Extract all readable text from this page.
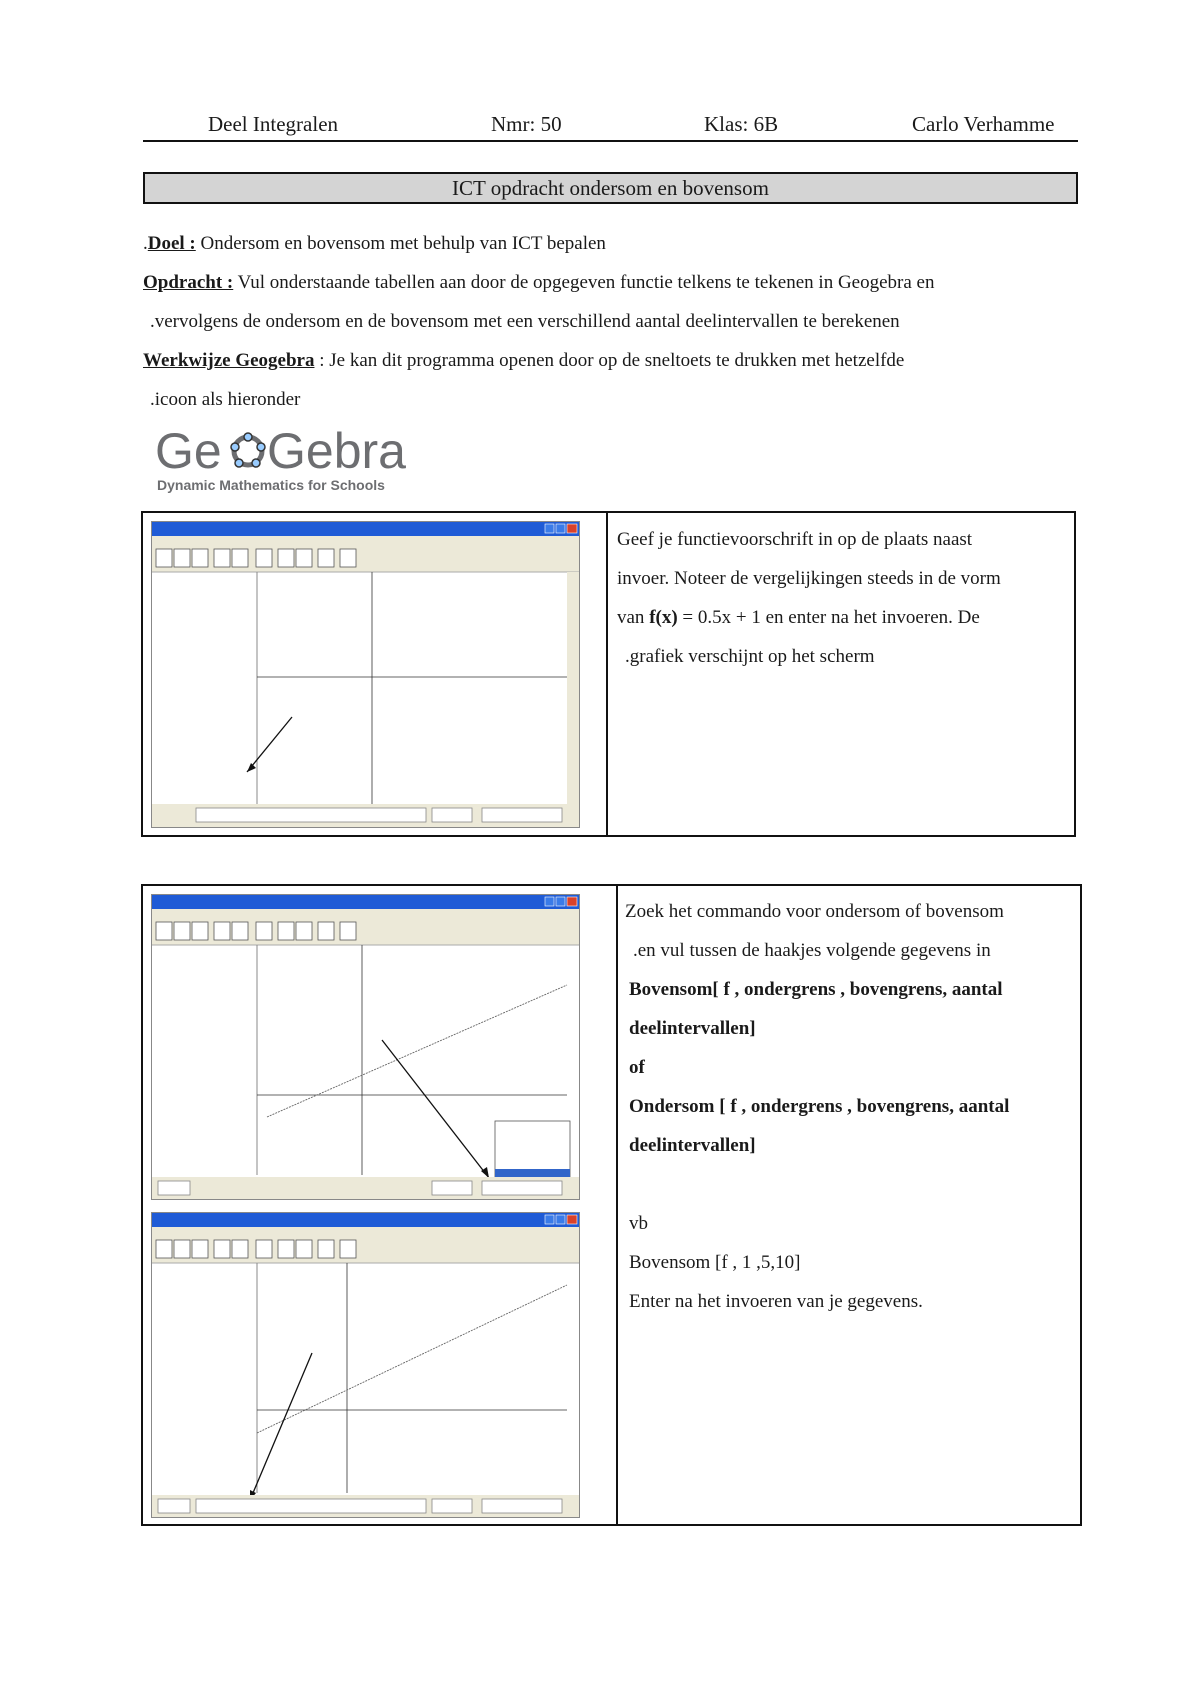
Deel Integralen	Nmr: 50	Klas: 6B	Carlo Verhamme
ICT opdracht ondersom en bovensom
.Doel : Ondersom en bovensom met behulp van ICT bepalen
Opdracht : Vul onderstaande tabellen aan door de opgegeven functie telkens te tekenen in Geogebra en
.vervolgens de ondersom en de bovensom met een verschillend aantal deelintervallen te berekenen
Werkwijze Geogebra : Je kan dit programma openen door op de sneltoets te drukken met hetzelfde
.icoon als hieronder
Ge Gebra
Dynamic Mathematics for Schools
Geef je functievoorschrift in op de plaats naast
invoer. Noteer de vergelijkingen steeds in de vorm
van f(x) = 0.5x + 1 en enter na het invoeren. De
.grafiek verschijnt op het scherm
Zoek het commando voor ondersom of bovensom
.en vul tussen de haakjes volgende gegevens in
Bovensom[ f , ondergrens , bovengrens, aantal
deelintervallen]
of
Ondersom [ f , ondergrens , bovengrens, aantal
deelintervallen]
vb
Bovensom [f , 1 ,5,10]
Enter na het invoeren van je gegevens.
